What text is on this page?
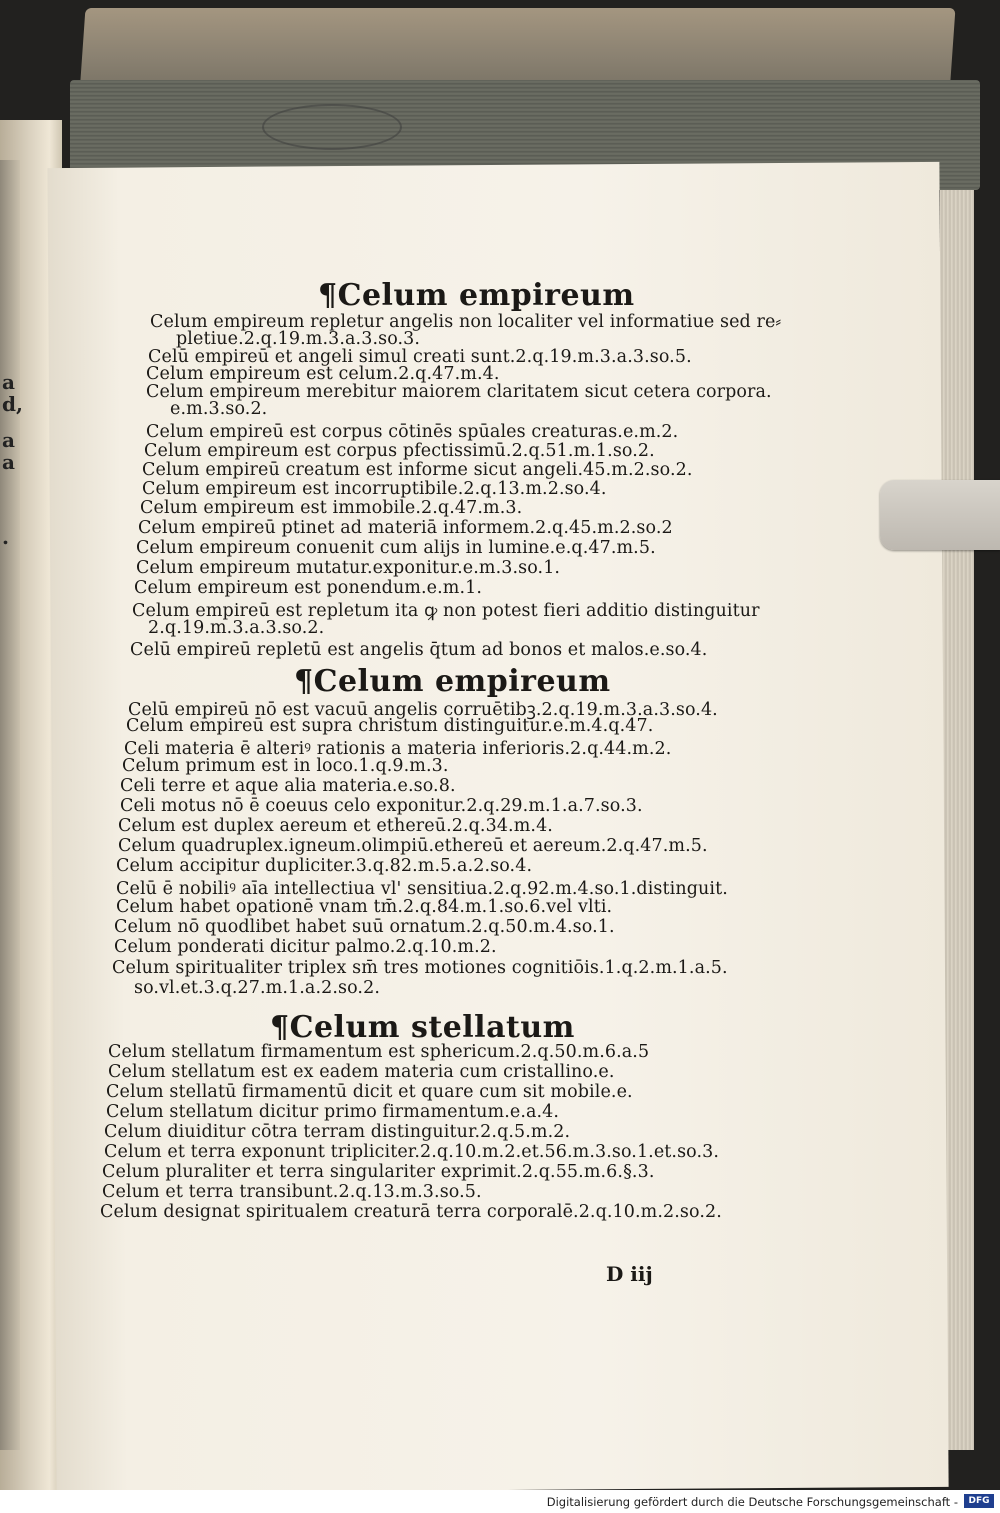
a
d,
a
a
.
¶Celum empireum
Celum empireum repletur angelis non localiter vel informatiue sed re⸗
pletiue.2.q.19.m.3.a.3.so.3.
Celū empireū et angeli simul creati sunt.2.q.19.m.3.a.3.so.5.
Celum empireum est celum.2.q.47.m.4.
Celum empireum merebitur maiorem claritatem sicut cetera corpora.
e.m.3.so.2.
Celum empireū est corpus cōtinēs spūales creaturas.e.m.2.
Celum empireum est corpus pfectissimū.2.q.51.m.1.so.2.
Celum empireū creatum est informe sicut angeli.45.m.2.so.2.
Celum empireum est incorruptibile.2.q.13.m.2.so.4.
Celum empireum est immobile.2.q.47.m.3.
Celum empireū ptinet ad materiā informem.2.q.45.m.2.so.2
Celum empireum conuenit cum alijs in lumine.e.q.47.m.5.
Celum empireum mutatur.exponitur.e.m.3.so.1.
Celum empireum est ponendum.e.m.1.
Celum empireū est repletum ita ꝙ non potest fieri additio distinguitur
2.q.19.m.3.a.3.so.2.
Celū empireū repletū est angelis q̄tum ad bonos et malos.e.so.4.
¶Celum empireum
Celū empireū nō est vacuū angelis corruētibꝫ.2.q.19.m.3.a.3.so.4.
Celum empireū est supra christum distinguitur.e.m.4.q.47.
Celi materia ē alteriꝰ rationis a materia inferioris.2.q.44.m.2.
Celum primum est in loco.1.q.9.m.3.
Celi terre et aque alia materia.e.so.8.
Celi motus nō ē coeuus celo exponitur.2.q.29.m.1.a.7.so.3.
Celum est duplex aereum et ethereū.2.q.34.m.4.
Celum quadruplex.igneum.olimpiū.ethereū et aereum.2.q.47.m.5.
Celum accipitur dupliciter.3.q.82.m.5.a.2.so.4.
Celū ē nobiliꝰ aīa intellectiua vl' sensitiua.2.q.92.m.4.so.1.distinguit.
Celum habet opationē vnam tm̄.2.q.84.m.1.so.6.vel vlti.
Celum nō quodlibet habet suū ornatum.2.q.50.m.4.so.1.
Celum ponderati dicitur palmo.2.q.10.m.2.
Celum spiritualiter triplex sm̄ tres motiones cognitiōis.1.q.2.m.1.a.5.
so.vl.et.3.q.27.m.1.a.2.so.2.
¶Celum stellatum
Celum stellatum firmamentum est sphericum.2.q.50.m.6.a.5
Celum stellatum est ex eadem materia cum cristallino.e.
Celum stellatū firmamentū dicit et quare cum sit mobile.e.
Celum stellatum dicitur primo firmamentum.e.a.4.
Celum diuiditur cōtra terram distinguitur.2.q.5.m.2.
Celum et terra exponunt tripliciter.2.q.10.m.2.et.56.m.3.so.1.et.so.3.
Celum pluraliter et terra singulariter exprimit.2.q.55.m.6.§.3.
Celum et terra transibunt.2.q.13.m.3.so.5.
Celum designat spiritualem creaturā terra corporalē.2.q.10.m.2.so.2.
D iij
Digitalisierung gefördert durch die Deutsche Forschungsgemeinschaft -	DFG
